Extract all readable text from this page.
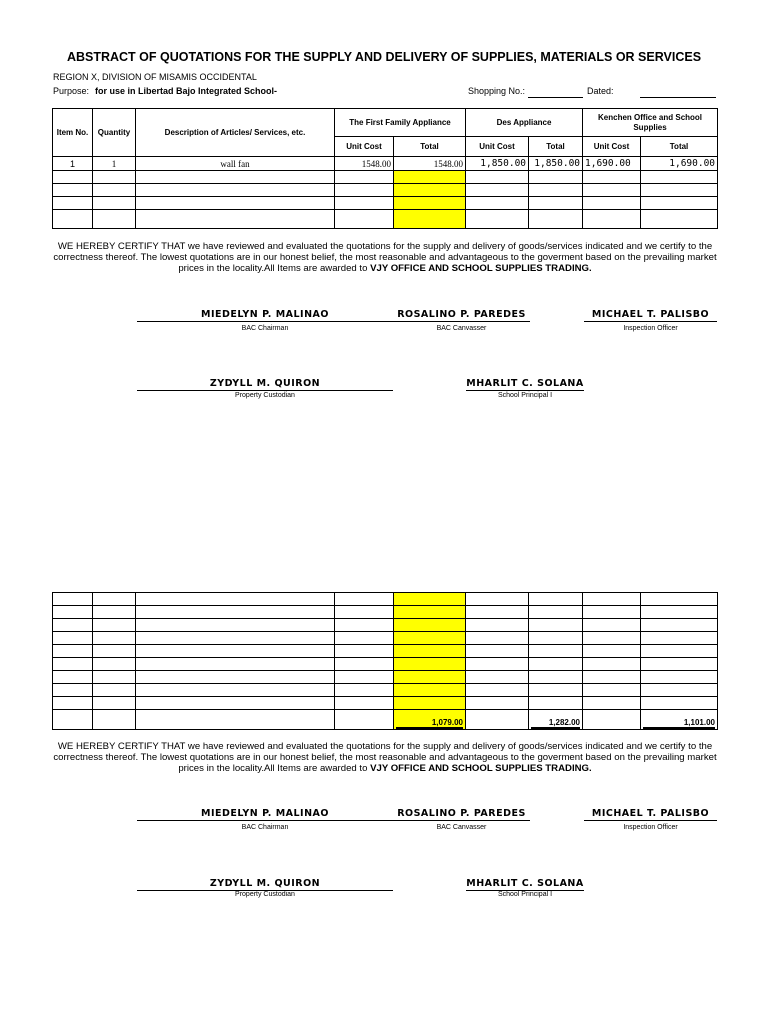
ABSTRACT OF QUOTATIONS FOR THE SUPPLY AND DELIVERY OF SUPPLIES, MATERIALS OR SERVICES
REGION X, DIVISION OF MISAMIS OCCIDENTAL
Purpose: for use in Libertad Bajo Integrated School-	Shopping No.:	Dated:
Item No.	Quantity	Description of Articles/ Services, etc.	The First Family Appliance		Des Appliance		Kenchen Office and School Supplies	
			Unit Cost	Total	Unit Cost	Total	Unit Cost	Total
1	1	wall fan	1548.00	1548.00	1,850.00	1,850.00	1,690.00	1,690.00

WE HEREBY CERTIFY THAT we have reviewed and evaluated the quotations for the supply and delivery of goods/services indicated and we certify to the correctness thereof. The lowest quotations are in our honest belief, the most reasonable and advantageous to the goverment based on the prevailing market prices in the locality.All Items are awarded to VJY OFFICE AND SCHOOL SUPPLIES TRADING.
MIEDELYN P. MALINAO
BAC Chairman
ROSALINO P. PAREDES
BAC Canvasser
MICHAEL T. PALISBO
Inspection Officer
ZYDYLL M. QUIRON
Property Custodian
MHARLIT C. SOLANA
School Principal I

				1,079.00		1,282.00		1,101.00
WE HEREBY CERTIFY THAT we have reviewed and evaluated the quotations for the supply and delivery of goods/services indicated and we certify to the correctness thereof. The lowest quotations are in our honest belief, the most reasonable and advantageous to the goverment based on the prevailing market prices in the locality.All Items are awarded to VJY OFFICE AND SCHOOL SUPPLIES TRADING.
MIEDELYN P. MALINAO
BAC Chairman
ROSALINO P. PAREDES
BAC Canvasser
MICHAEL T. PALISBO
Inspection Officer
ZYDYLL M. QUIRON
Property Custodian
MHARLIT C. SOLANA
School Principal I
